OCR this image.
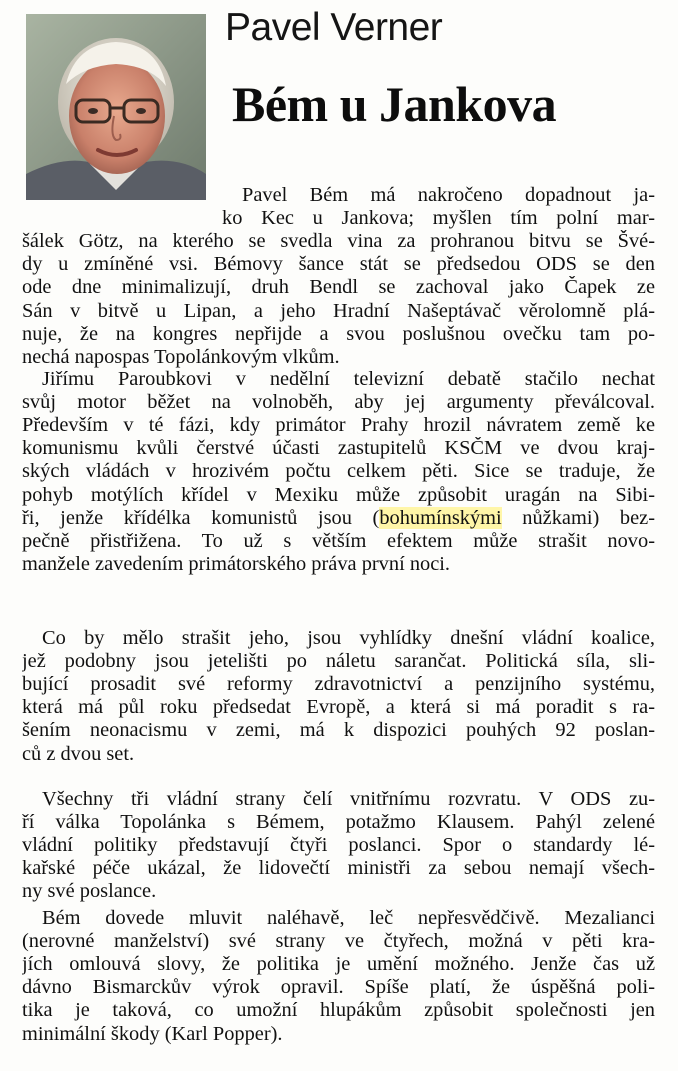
Pavel Verner
Bém u Jankova
Pavel Bém má nakročeno dopadnout ja-
ko Kec u Jankova; myšlen tím polní mar-
šálek Götz, na kterého se svedla vina za prohranou bitvu se Švé-
dy u zmíněné vsi. Bémovy šance stát se předsedou ODS se den
ode dne minimalizují, druh Bendl se zachoval jako Čapek ze
Sán v bitvě u Lipan, a jeho Hradní Našeptávač věrolomně plá-
nuje, že na kongres nepřijde a svou poslušnou ovečku tam po-
nechá napospas Topolánkovým vlkům.
Jiřímu Paroubkovi v nedělní televizní debatě stačilo nechat
svůj motor běžet na volnoběh, aby jej argumenty převálcoval.
Především v té fázi, kdy primátor Prahy hrozil návratem země ke
komunismu kvůli čerstvé účasti zastupitelů KSČM ve dvou kraj-
ských vládách v hrozivém počtu celkem pěti. Sice se traduje, že
pohyb motýlích křídel v Mexiku může způsobit uragán na Sibi-
ři, jenže křídélka komunistů jsou (bohumínskými nůžkami) bez-
pečně přistřižena. To už s větším efektem může strašit novo-
manžele zavedením primátorského práva první noci.
Co by mělo strašit jeho, jsou vyhlídky dnešní vládní koalice,
jež podobny jsou jetelišti po náletu sarančat. Politická síla, sli-
bující prosadit své reformy zdravotnictví a penzijního systému,
která má půl roku předsedat Evropě, a která si má poradit s ra-
šením neonacismu v zemi, má k dispozici pouhých 92 poslan-
ců z dvou set.
Všechny tři vládní strany čelí vnitřnímu rozvratu. V ODS zu-
ří válka Topolánka s Bémem, potažmo Klausem. Pahýl zelené
vládní politiky představují čtyři poslanci. Spor o standardy lé-
kařské péče ukázal, že lidovečtí ministři za sebou nemají všech-
ny své poslance.
Bém dovede mluvit naléhavě, leč nepřesvědčivě. Mezalianci
(nerovné manželství) své strany ve čtyřech, možná v pěti kra-
jích omlouvá slovy, že politika je umění možného. Jenže čas už
dávno Bismarckův výrok opravil. Spíše platí, že úspěšná poli-
tika je taková, co umožní hlupákům způsobit společnosti jen
minimální škody (Karl Popper).
